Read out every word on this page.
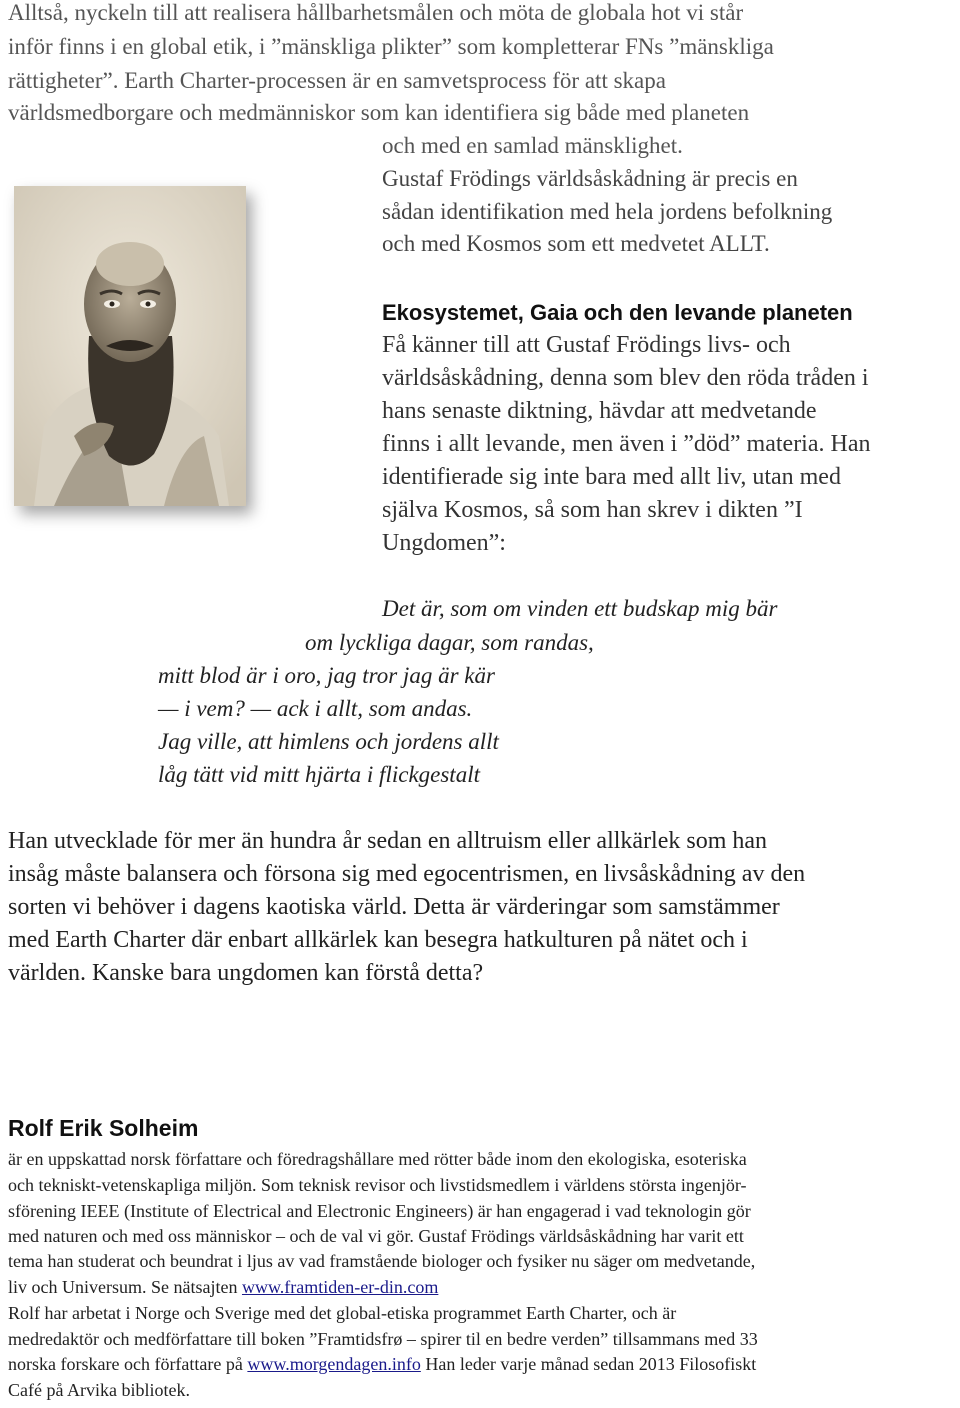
Alltså, nyckeln till att realisera hållbarhetsmålen och möta de globala hot vi står

inför finns i en global etik, i ”mänskliga plikter” som kompletterar FNs ”mänskliga

rättigheter”. Earth Charter-processen är en samvetsprocess för att skapa

världsmedborgare och medmänniskor som kan identifiera sig både med planeten

och med en samlad mänsklighet.

Gustaf Frödings världsåskådning är precis en

sådan identifikation med hela jordens befolkning

och med Kosmos som ett medvetet ALLT.

Ekosystemet, Gaia och den levande planeten

Få känner till att Gustaf Frödings livs- och

världsåskådning, denna som blev den röda tråden i

hans senaste diktning, hävdar att medvetande

finns i allt levande, men även i ”död” materia. Han

identifierade sig inte bara med allt liv, utan med

själva Kosmos, så som han skrev i dikten ”I

Ungdomen”:

Det är, som om vinden ett budskap mig bär

om lyckliga dagar, som randas,

mitt blod är i oro, jag tror jag är kär

— i vem? — ack i allt, som andas.

Jag ville, att himlens och jordens allt

låg tätt vid mitt hjärta i flickgestalt

Han utvecklade för mer än hundra år sedan en alltruism eller allkärlek som han

insåg måste balansera och försona sig med egocentrismen, en livsåskådning av den

sorten vi behöver i dagens kaotiska värld. Detta är värderingar som samstämmer

med Earth Charter där enbart allkärlek kan besegra hatkulturen på nätet och i

världen. Kanske bara ungdomen kan förstå detta?

Rolf Erik Solheim

är en uppskattad norsk författare och föredragshållare med rötter både inom den ekologiska, esoteriska

och tekniskt-vetenskapliga miljön. Som teknisk revisor och livstidsmedlem i världens största ingenjör-

sförening IEEE (Institute of Electrical and Electronic Engineers) är han engagerad i vad teknologin gör

med naturen och med oss människor – och de val vi gör. Gustaf Frödings världsåskådning har varit ett

tema han studerat och beundrat i ljus av vad framstående biologer och fysiker nu säger om medvetande,

liv och Universum. Se nätsajten www.framtiden-er-din.com

Rolf har arbetat i Norge och Sverige med det global-etiska programmet Earth Charter, och är

medredaktör och medförfattare till boken ”Framtidsfrø – spirer til en bedre verden” tillsammans med 33

norska forskare och författare på www.morgendagen.info Han leder varje månad sedan 2013 Filosofiskt

Café på Arvika bibliotek.
